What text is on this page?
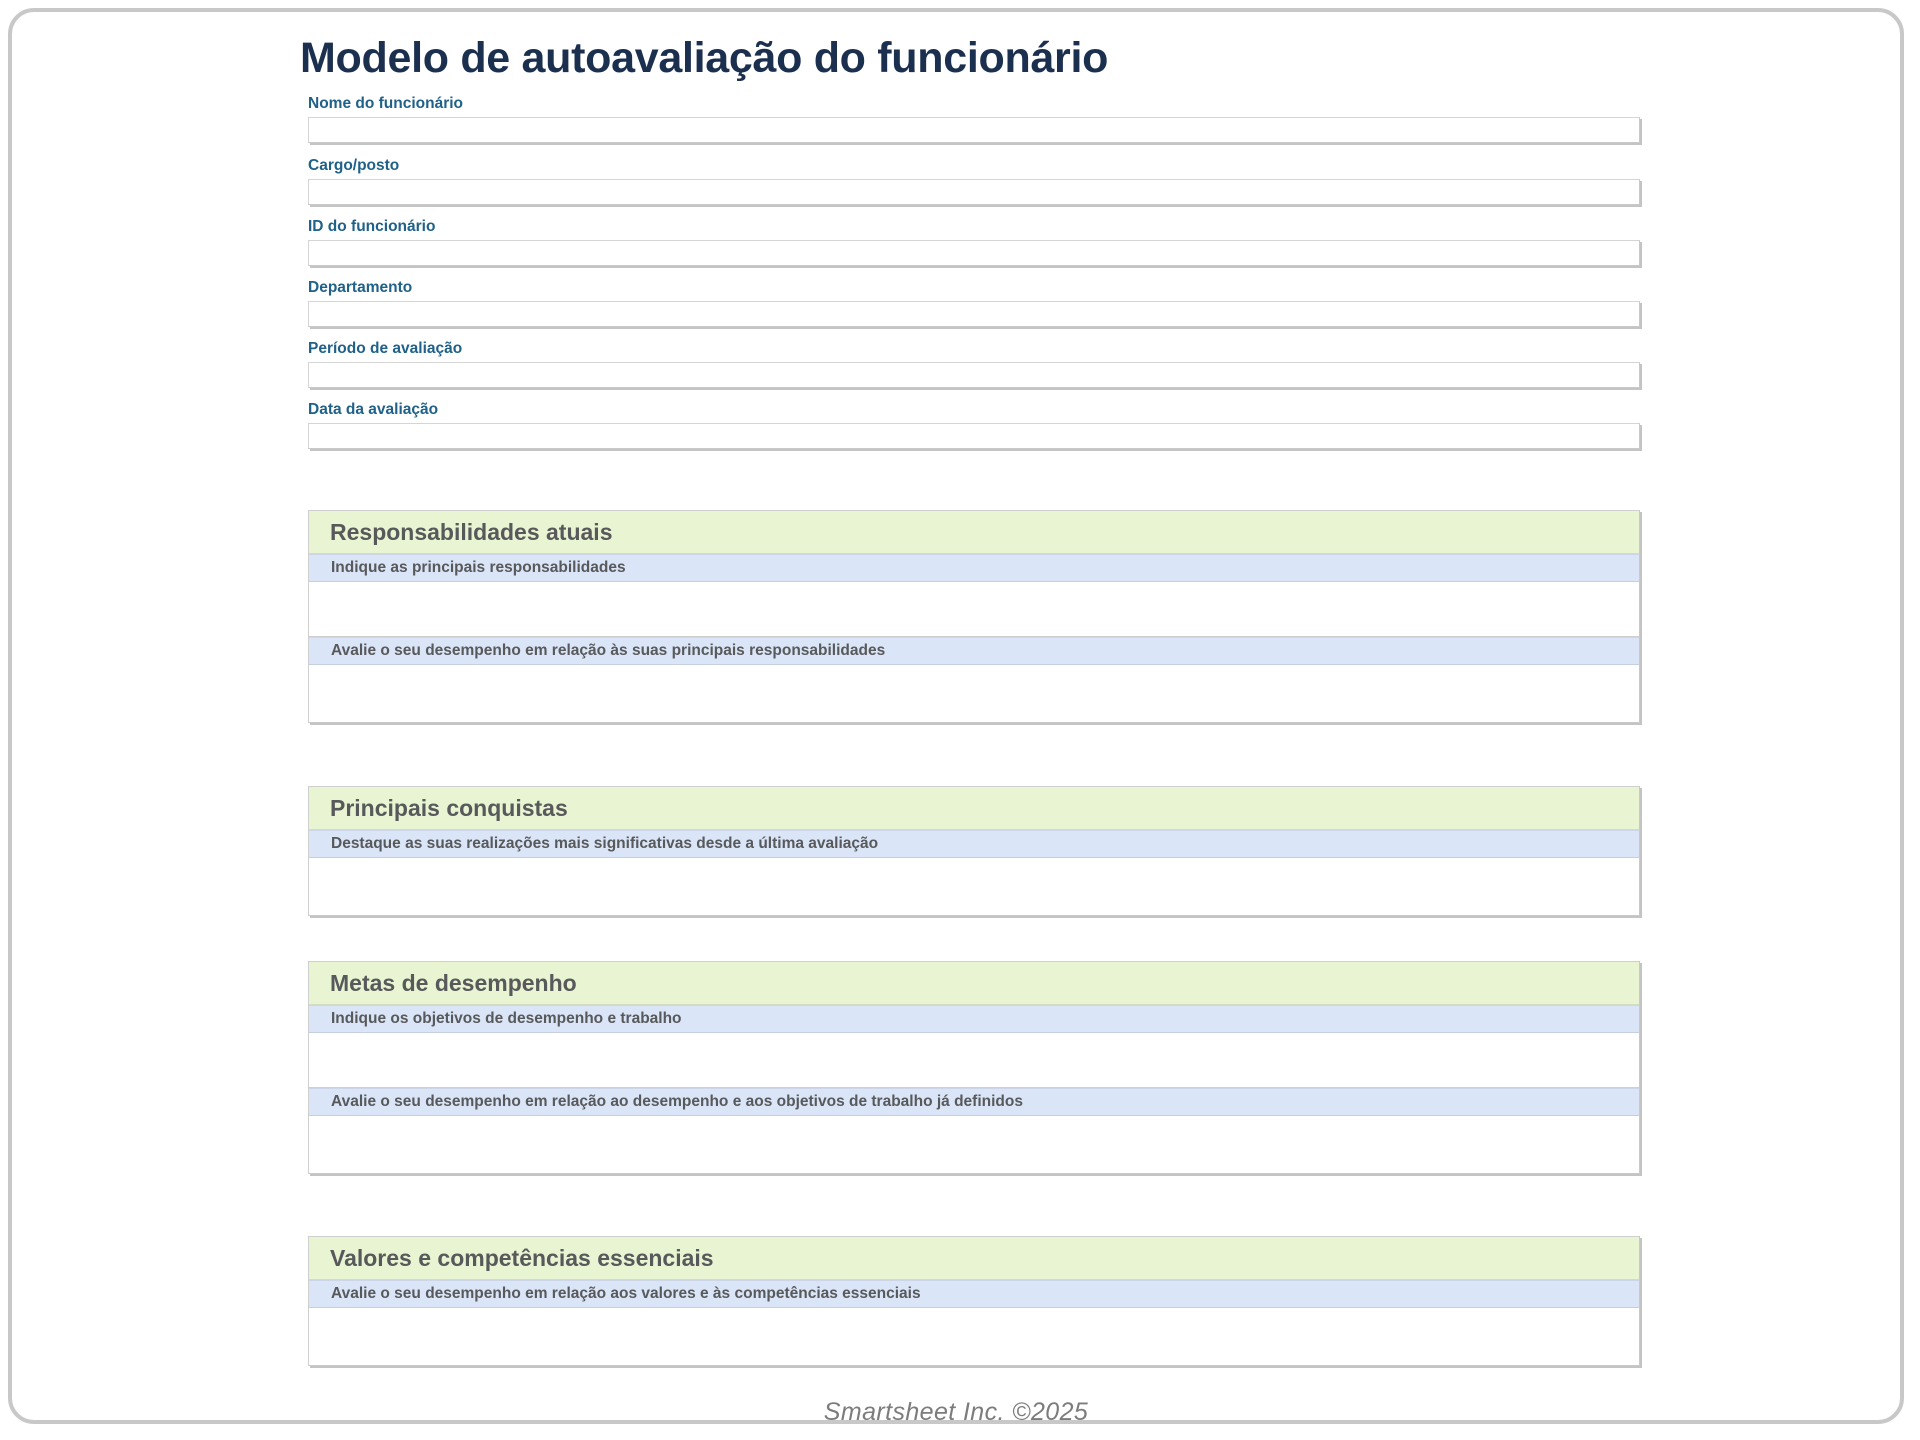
Modelo de autoavaliação do funcionário
Nome do funcionário
Cargo/posto
ID do funcionário
Departamento
Período de avaliação
Data da avaliação
Responsabilidades atuais
Indique as principais responsabilidades
Avalie o seu desempenho em relação às suas principais responsabilidades
Principais conquistas
Destaque as suas realizações mais significativas desde a última avaliação
Metas de desempenho
Indique os objetivos de desempenho e trabalho
Avalie o seu desempenho em relação ao desempenho e aos objetivos de trabalho já definidos
Valores e competências essenciais
Avalie o seu desempenho em relação aos valores e às competências essenciais
Smartsheet Inc. ©2025
